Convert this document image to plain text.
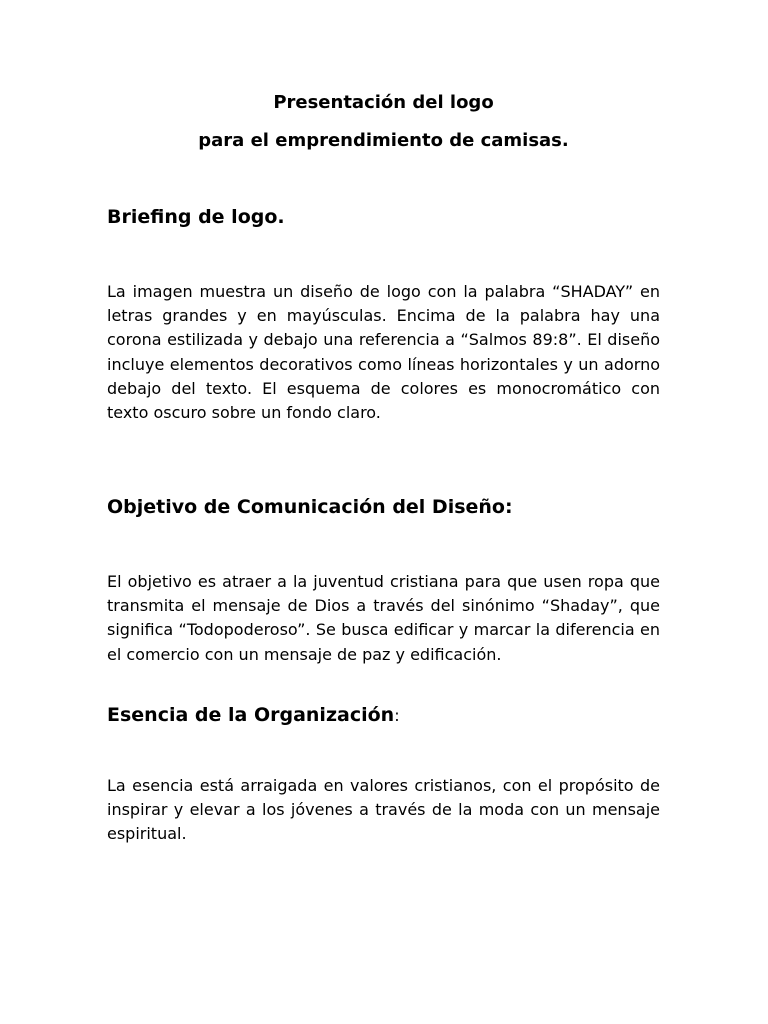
Presentación del logo

para el emprendimiento de camisas.

Briefing de logo.

La imagen muestra un diseño de logo con la palabra “SHADAY” en letras grandes y en mayúsculas. Encima de la palabra hay una corona estilizada y debajo una referencia a “Salmos 89:8”. El diseño incluye elementos decorativos como líneas horizontales y un adorno debajo del texto. El esquema de colores es monocromático con texto oscuro sobre un fondo claro.

Objetivo de Comunicación del Diseño:

El objetivo es atraer a la juventud cristiana para que usen ropa que transmita el mensaje de Dios a través del sinónimo “Shaday”, que significa “Todopoderoso”. Se busca edificar y marcar la diferencia en el comercio con un mensaje de paz y edificación.

Esencia de la Organización:

La esencia está arraigada en valores cristianos, con el propósito de inspirar y elevar a los jóvenes a través de la moda con un mensaje espiritual.
